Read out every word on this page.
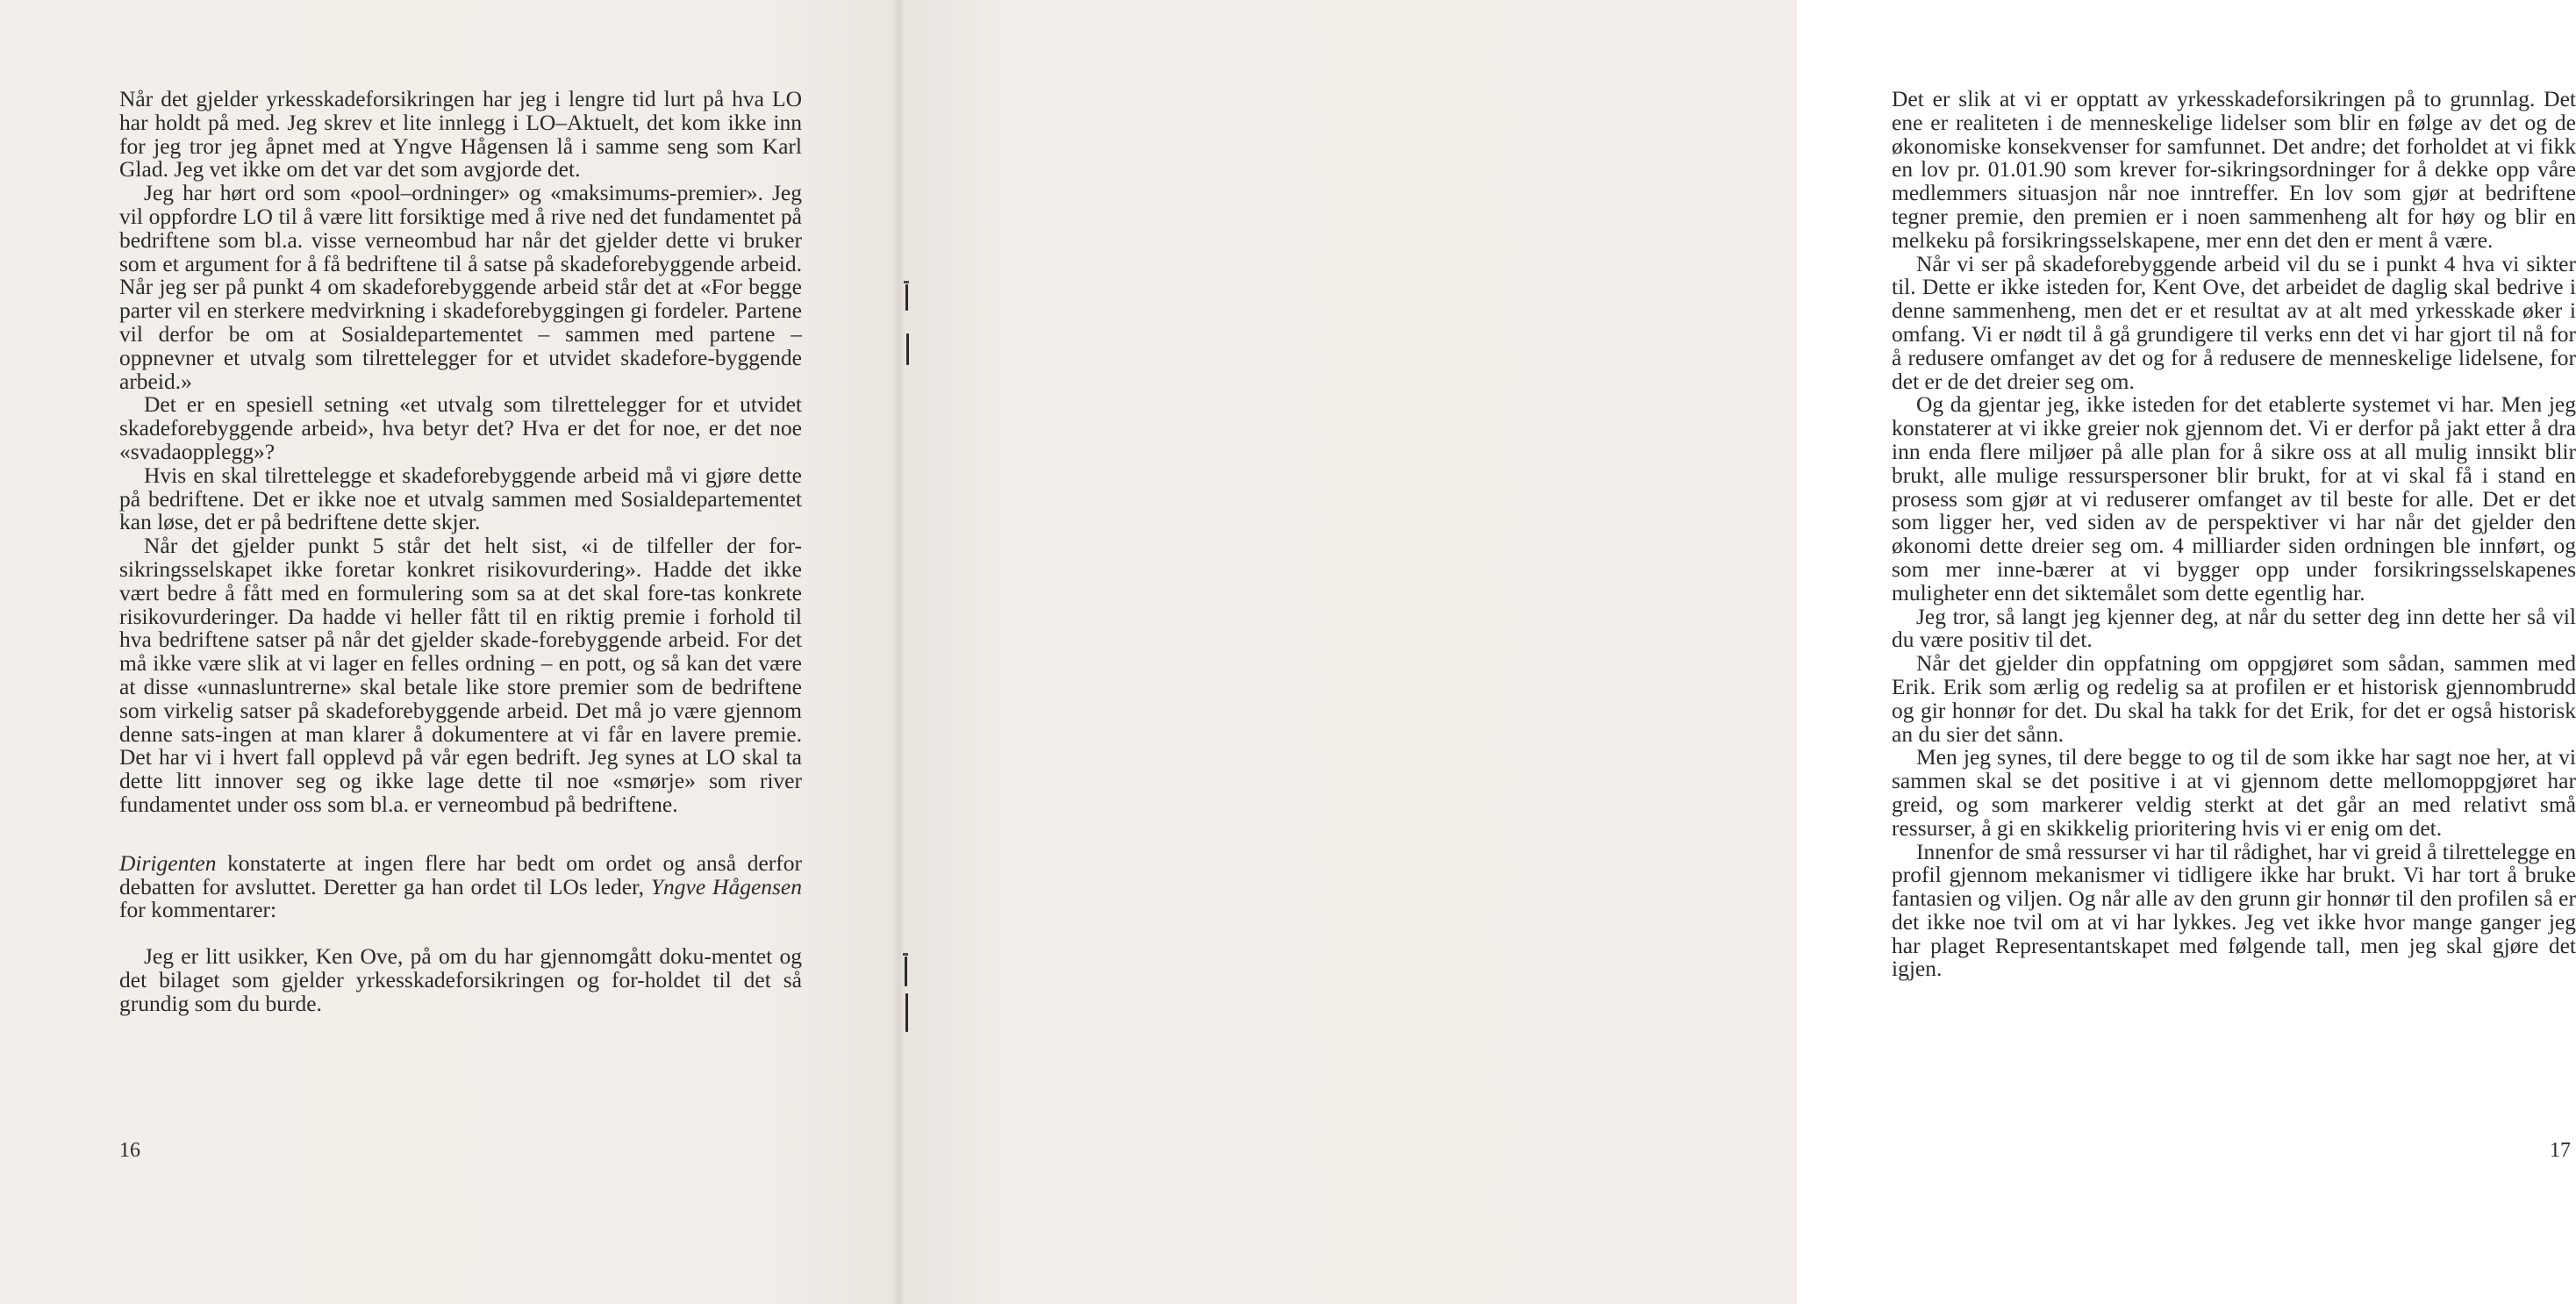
Når det gjelder yrkesskadeforsikringen har jeg i lengre tid lurt på hva LO har holdt på med. Jeg skrev et lite innlegg i LO–Aktuelt, det kom ikke inn for jeg tror jeg åpnet med at Yngve Hågensen lå i samme seng som Karl Glad. Jeg vet ikke om det var det som avgjorde det.

Jeg har hørt ord som «pool–ordninger» og «maksimums-premier». Jeg vil oppfordre LO til å være litt forsiktige med å rive ned det fundamentet på bedriftene som bl.a. visse verneombud har når det gjelder dette vi bruker som et argument for å få bedriftene til å satse på skadeforebyggende arbeid. Når jeg ser på punkt 4 om skadeforebyggende arbeid står det at «For begge parter vil en sterkere medvirkning i skadeforebyggingen gi fordeler. Partene vil derfor be om at Sosialdepartementet – sammen med partene – oppnevner et utvalg som tilrettelegger for et utvidet skadefore-byggende arbeid.»

Det er en spesiell setning «et utvalg som tilrettelegger for et utvidet skadeforebyggende arbeid», hva betyr det? Hva er det for noe, er det noe «svadaopplegg»?

Hvis en skal tilrettelegge et skadeforebyggende arbeid må vi gjøre dette på bedriftene. Det er ikke noe et utvalg sammen med Sosialdepartementet kan løse, det er på bedriftene dette skjer.

Når det gjelder punkt 5 står det helt sist, «i de tilfeller der for-sikringsselskapet ikke foretar konkret risikovurdering». Hadde det ikke vært bedre å fått med en formulering som sa at det skal fore-tas konkrete risikovurderinger. Da hadde vi heller fått til en riktig premie i forhold til hva bedriftene satser på når det gjelder skade-forebyggende arbeid. For det må ikke være slik at vi lager en felles ordning – en pott, og så kan det være at disse «unnasluntrerne» skal betale like store premier som de bedriftene som virkelig satser på skadeforebyggende arbeid. Det må jo være gjennom denne sats-ingen at man klarer å dokumentere at vi får en lavere premie. Det har vi i hvert fall opplevd på vår egen bedrift. Jeg synes at LO skal ta dette litt innover seg og ikke lage dette til noe «smørje» som river fundamentet under oss som bl.a. er verneombud på bedriftene.

Dirigenten konstaterte at ingen flere har bedt om ordet og anså derfor debatten for avsluttet. Deretter ga han ordet til LOs leder, Yngve Hågensen for kommentarer:

Jeg er litt usikker, Ken Ove, på om du har gjennomgått doku-mentet og det bilaget som gjelder yrkesskadeforsikringen og for-holdet til det så grundig som du burde.

16

Det er slik at vi er opptatt av yrkesskadeforsikringen på to grunnlag. Det ene er realiteten i de menneskelige lidelser som blir en følge av det og de økonomiske konsekvenser for samfunnet. Det andre; det forholdet at vi fikk en lov pr. 01.01.90 som krever for-sikringsordninger for å dekke opp våre medlemmers situasjon når noe inntreffer. En lov som gjør at bedriftene tegner premie, den premien er i noen sammenheng alt for høy og blir en melkeku på forsikringsselskapene, mer enn det den er ment å være.

Når vi ser på skadeforebyggende arbeid vil du se i punkt 4 hva vi sikter til. Dette er ikke isteden for, Kent Ove, det arbeidet de daglig skal bedrive i denne sammenheng, men det er et resultat av at alt med yrkesskade øker i omfang. Vi er nødt til å gå grundigere til verks enn det vi har gjort til nå for å redusere omfanget av det og for å redusere de menneskelige lidelsene, for det er de det dreier seg om.

Og da gjentar jeg, ikke isteden for det etablerte systemet vi har. Men jeg konstaterer at vi ikke greier nok gjennom det. Vi er derfor på jakt etter å dra inn enda flere miljøer på alle plan for å sikre oss at all mulig innsikt blir brukt, alle mulige ressurspersoner blir brukt, for at vi skal få i stand en prosess som gjør at vi reduserer omfanget av til beste for alle. Det er det som ligger her, ved siden av de perspektiver vi har når det gjelder den økonomi dette dreier seg om. 4 milliarder siden ordningen ble innført, og som mer inne-bærer at vi bygger opp under forsikringsselskapenes muligheter enn det siktemålet som dette egentlig har.

Jeg tror, så langt jeg kjenner deg, at når du setter deg inn dette her så vil du være positiv til det.

Når det gjelder din oppfatning om oppgjøret som sådan, sammen med Erik. Erik som ærlig og redelig sa at profilen er et historisk gjennombrudd og gir honnør for det. Du skal ha takk for det Erik, for det er også historisk an du sier det sånn.

Men jeg synes, til dere begge to og til de som ikke har sagt noe her, at vi sammen skal se det positive i at vi gjennom dette mellomoppgjøret har greid, og som markerer veldig sterkt at det går an med relativt små ressurser, å gi en skikkelig prioritering hvis vi er enig om det.

Innenfor de små ressurser vi har til rådighet, har vi greid å tilrettelegge en profil gjennom mekanismer vi tidligere ikke har brukt. Vi har tort å bruke fantasien og viljen. Og når alle av den grunn gir honnør til den profilen så er det ikke noe tvil om at vi har lykkes. Jeg vet ikke hvor mange ganger jeg har plaget Representantskapet med følgende tall, men jeg skal gjøre det igjen.

17
